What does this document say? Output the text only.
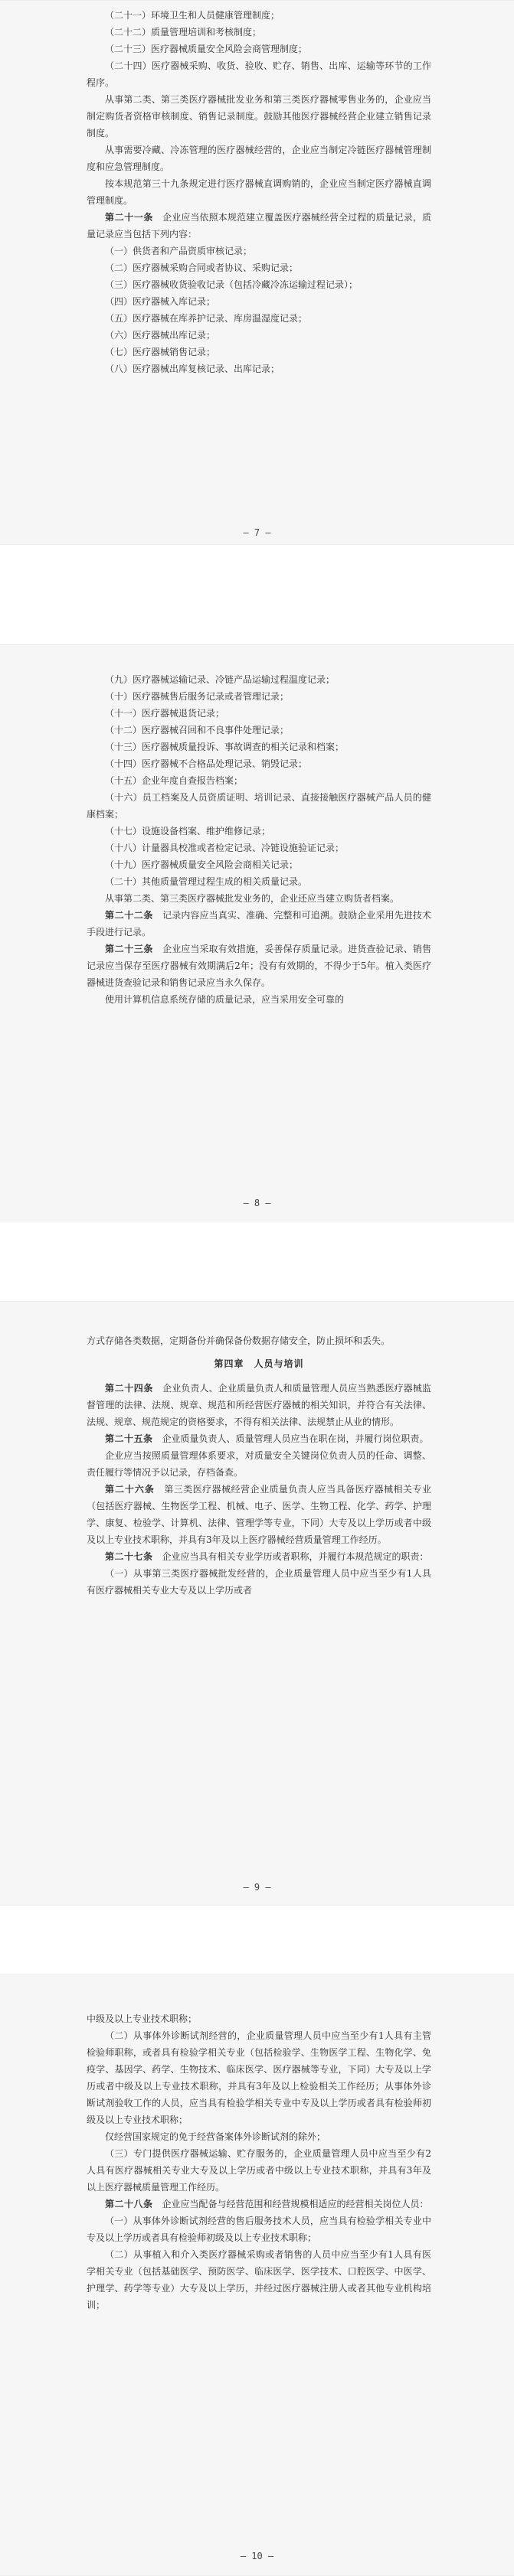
（二十一）环境卫生和人员健康管理制度；

（二十二）质量管理培训和考核制度；

（二十三）医疗器械质量安全风险会商管理制度；

（二十四）医疗器械采购、收货、验收、贮存、销售、出库、运输等环节的工作程序。

从事第二类、第三类医疗器械批发业务和第三类医疗器械零售业务的，企业应当制定购货者资格审核制度、销售记录制度。鼓励其他医疗器械经营企业建立销售记录制度。

从事需要冷藏、冷冻管理的医疗器械经营的，企业应当制定冷链医疗器械管理制度和应急管理制度。

按本规范第三十九条规定进行医疗器械直调购销的，企业应当制定医疗器械直调管理制度。

第二十一条　 企业应当依照本规范建立覆盖医疗器械经营全过程的质量记录，质量记录应当包括下列内容：

（一）供货者和产品资质审核记录；

（二）医疗器械采购合同或者协议、采购记录；

（三）医疗器械收货验收记录（包括冷藏冷冻运输过程记录）；

（四）医疗器械入库记录；

（五）医疗器械在库养护记录、库房温湿度记录；

（六）医疗器械出库记录；

（七）医疗器械销售记录；

（八）医疗器械出库复核记录、出库记录；

— 7 —

（九）医疗器械运输记录、冷链产品运输过程温度记录；

（十）医疗器械售后服务记录或者管理记录；

（十一）医疗器械退货记录；

（十二）医疗器械召回和不良事件处理记录；

（十三）医疗器械质量投诉、事故调查的相关记录和档案；

（十四）医疗器械不合格品处理记录、销毁记录；

（十五）企业年度自查报告档案；

（十六）员工档案及人员资质证明、培训记录、直接接触医疗器械产品人员的健康档案；

（十七）设施设备档案、维护维修记录；

（十八）计量器具校准或者检定记录、冷链设施验证记录；

（十九）医疗器械质量安全风险会商相关记录；

（二十）其他质量管理过程生成的相关质量记录。

从事第二类、第三类医疗器械批发业务的，企业还应当建立购货者档案。

第二十二条　 记录内容应当真实、准确、完整和可追溯。鼓励企业采用先进技术手段进行记录。

第二十三条　 企业应当采取有效措施，妥善保存质量记录。进货查验记录、销售记录应当保存至医疗器械有效期满后2年；没有有效期的，不得少于5年。植入类医疗器械进货查验记录和销售记录应当永久保存。

使用计算机信息系统存储的质量记录，应当采用安全可靠的

— 8 —

方式存储各类数据，定期备份并确保备份数据存储安全，防止损坏和丢失。

第四章　人员与培训

第二十四条　 企业负责人、企业质量负责人和质量管理人员应当熟悉医疗器械监督管理的法律、法规、规章、规范和所经营医疗器械的相关知识，并符合有关法律、法规、规章、规范规定的资格要求，不得有相关法律、法规禁止从业的情形。

第二十五条　 企业质量负责人、质量管理人员应当在职在岗，并履行岗位职责。

企业应当按照质量管理体系要求，对质量安全关键岗位负责人员的任命、调整、责任履行等情况予以记录，存档备查。

第二十六条　 第三类医疗器械经营企业质量负责人应当具备医疗器械相关专业（包括医疗器械、生物医学工程、机械、电子、医学、生物工程、化学、药学、护理学、康复、检验学、计算机、法律、管理学等专业，下同）大专及以上学历或者中级及以上专业技术职称，并具有3年及以上医疗器械经营质量管理工作经历。

第二十七条　 企业应当具有相关专业学历或者职称，并履行本规范规定的职责：

（一）从事第三类医疗器械批发经营的，企业质量管理人员中应当至少有1人具有医疗器械相关专业大专及以上学历或者

— 9 —

中级及以上专业技术职称；

（二）从事体外诊断试剂经营的，企业质量管理人员中应当至少有1人具有主管检验师职称，或者具有检验学相关专业（包括检验学、生物医学工程、生物化学、免疫学、基因学、药学、生物技术、临床医学、医疗器械等专业，下同）大专及以上学历或者中级及以上专业技术职称，并具有3年及以上检验相关工作经历；从事体外诊断试剂验收工作的人员，应当具有检验学相关专业中专及以上学历或者具有检验师初级及以上专业技术职称；

仅经营国家规定的免于经营备案体外诊断试剂的除外；

（三）专门提供医疗器械运输、贮存服务的，企业质量管理人员中应当至少有2人具有医疗器械相关专业大专及以上学历或者中级以上专业技术职称，并具有3年及以上医疗器械质量管理工作经历。

第二十八条　 企业应当配备与经营范围和经营规模相适应的经营相关岗位人员：

（一）从事体外诊断试剂经营的售后服务技术人员，应当具有检验学相关专业中专及以上学历或者具有检验师初级及以上专业技术职称；

（二）从事植入和介入类医疗器械采购或者销售的人员中应当至少有1人具有医学相关专业（包括基础医学、预防医学、临床医学、医学技术、口腔医学、中医学、护理学、药学等专业）大专及以上学历，并经过医疗器械注册人或者其他专业机构培训；

— 10 —
